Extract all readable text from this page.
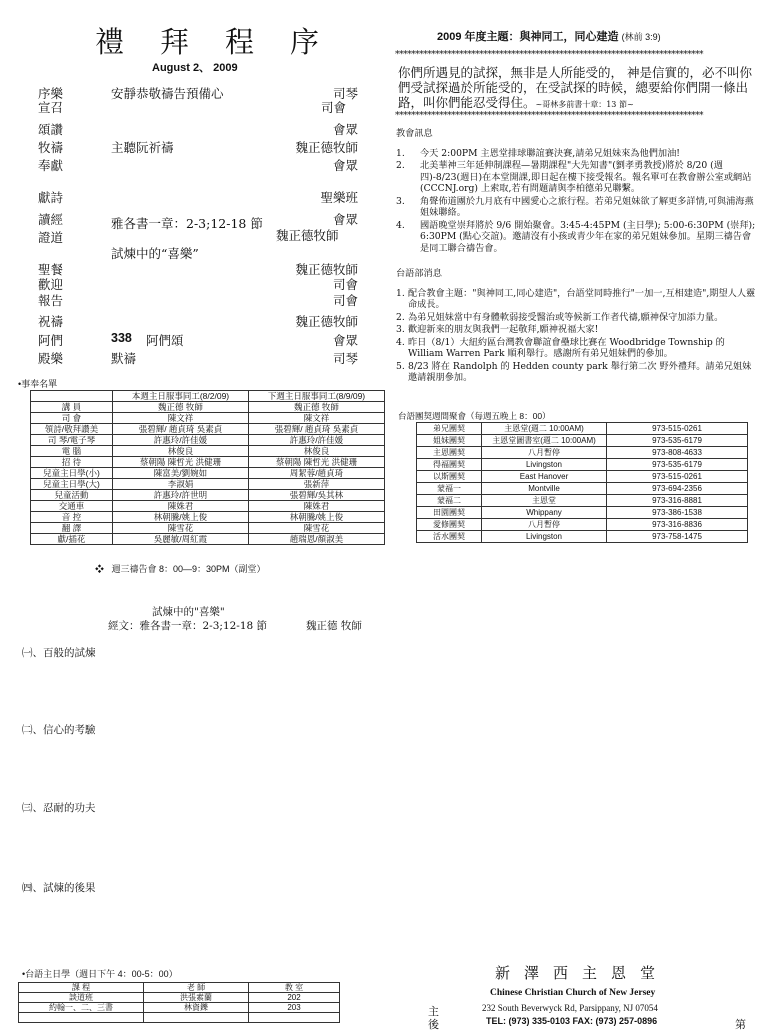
禮拜程序
August 2、 2009
序樂	安靜恭敬禱告預備心	司琴
宣召	司會
頌讚	會眾
牧禱	主聽阮祈禱	魏正德牧師
奉獻	會眾
獻詩	聖樂班
讀經	雅各書一章：2-3;12-18 節	會眾
證道
試煉中的“喜樂”
魏正德牧師
聖餐	魏正德牧師
歡迎	司會
報告	司會
祝禱	魏正德牧師
阿們	338 阿們頌	會眾
殿樂	默禱	司琴
•事奉名單
	本週主日服事同工(8/2/09)	下週主日服事同工(8/9/09)
講 員	魏正德 牧師	魏正德 牧師
司 會	陳文祥	陳文祥
領詩/敬拜讚美	張碧輝/ 趙貞琦 吳素貞	張碧輝/ 趙貞琦 吳素貞
司 琴/電子琴	許惠玲/許佳媛	許惠玲/許佳媛
電 腦	林俊良	林俊良
招 待	蔡朝陽 陳哲光 洪健珊	蔡朝陽 陳哲光 洪健珊
兒童主日學(小)	陳富美/劉婉如	周絜蓉/趙貞琦
兒童主日學(大)	李淑娟	張新萍
兒童活動	許惠玲/許世明	張碧輝/吳其林
交通車	陳姝君	陳姝君
音 控	林朝騰/姚上俊	林朝騰/姚上俊
翻 譯	陳雪花	陳雪花
獻/插花	吳麗敏/周紅霞	趙瑞恩/顏淑美
❖   週三禱告會 8：00—9：30PM（副堂）
試煉中的"喜樂"
經文：雅各書一章：2-3;12-18 節	魏正德 牧師
㈠、百般的試煉
㈡、信心的考驗
㈢、忍耐的功夫
㈣、試煉的後果
•台語主日學（週日下午 4：00-5：00）
課 程	老 師	教 室
談道班	洪張素蘭	202
約翰一、二、三書	林資鑠	203

2009 年度主題：與神同工，同心建造 (林前 3:9)
*****************************************************************************
你們所遇見的試探，無非是人所能受的， 神是信實的，必不叫你們受試探過於所能受的，在受試探的時候，總要給你們開一條出路，叫你們能忍受得住。~哥林多前書十章：13 節~
*****************************************************************************
教會訊息
1. 今天 2:00PM 主恩堂排球聯誼賽決賽,請弟兄姐妹來為他們加油!
2. 北美華神三年延伸制課程—暑期課程"大先知書"(劉孝勇教授)將於 8/20 (週四)-8/23(週日)在本堂開課,即日起在樓下接受報名。報名單可在教會辦公室或網站 (CCCNJ.org) 上索取,若有問題請與李柏德弟兄聯繫。
3. 角聲佈道團於九月底有中國愛心之旅行程。若弟兄姐妹欲了解更多詳情,可與浦海燕姐妹聯絡。
4. 國語晚堂崇拜將於 9/6 開始聚會。3:45-4:45PM (主日學); 5:00-6:30PM (崇拜); 6:30PM (點心交誼)。邀請沒有小孩或青少年在家的弟兄姐妹參加。星期三禱告會是同工聯合禱告會。
台語部消息
1. 配合教會主題："與神同工,同心建造"，台語堂同時推行"一加一,互相建造",期望人人靈命成長。
2. 為弟兄姐妹當中有身體軟弱接受醫治或等候新工作者代禱,願神保守加添力量。
3. 歡迎新來的朋友與我們一起敬拜,願神祝福大家!
4. 昨日（8/1）大紐約區台灣教會聯誼會壘球比賽在 Woodbridge Township 的 William Warren Park 順利舉行。感謝所有弟兄姐妹們的參加。
5. 8/23 將在 Randolph 的 Hedden county park 舉行第二次 野外禮拜。請弟兄姐妹邀請親朋參加。
台語團契週間聚會（每週五晚上 8：00）
弟兄團契	主恩堂(週二 10:00AM)	973-515-0261
姐妹團契	主恩堂圖書室(週二 10:00AM)	973-535-6179
主恩團契	八月暫停	973-808-4633
得福團契	Livingston	973-535-6179
以斯團契	East Hanover	973-515-0261
蒙福一	Montville	973-694-2356
蒙福二	主恩堂	973-316-8881
田園團契	Whippany	973-386-1538
愛修團契	八月暫停	973-316-8836
活水團契	Livingston	973-758-1475
新澤西主恩堂
Chinese Christian Church of New Jersey
232 South Beverwyck Rd, Parsippany, NJ 07054
TEL: (973) 335-0103 FAX: (973) 257-0896
主
後	第
